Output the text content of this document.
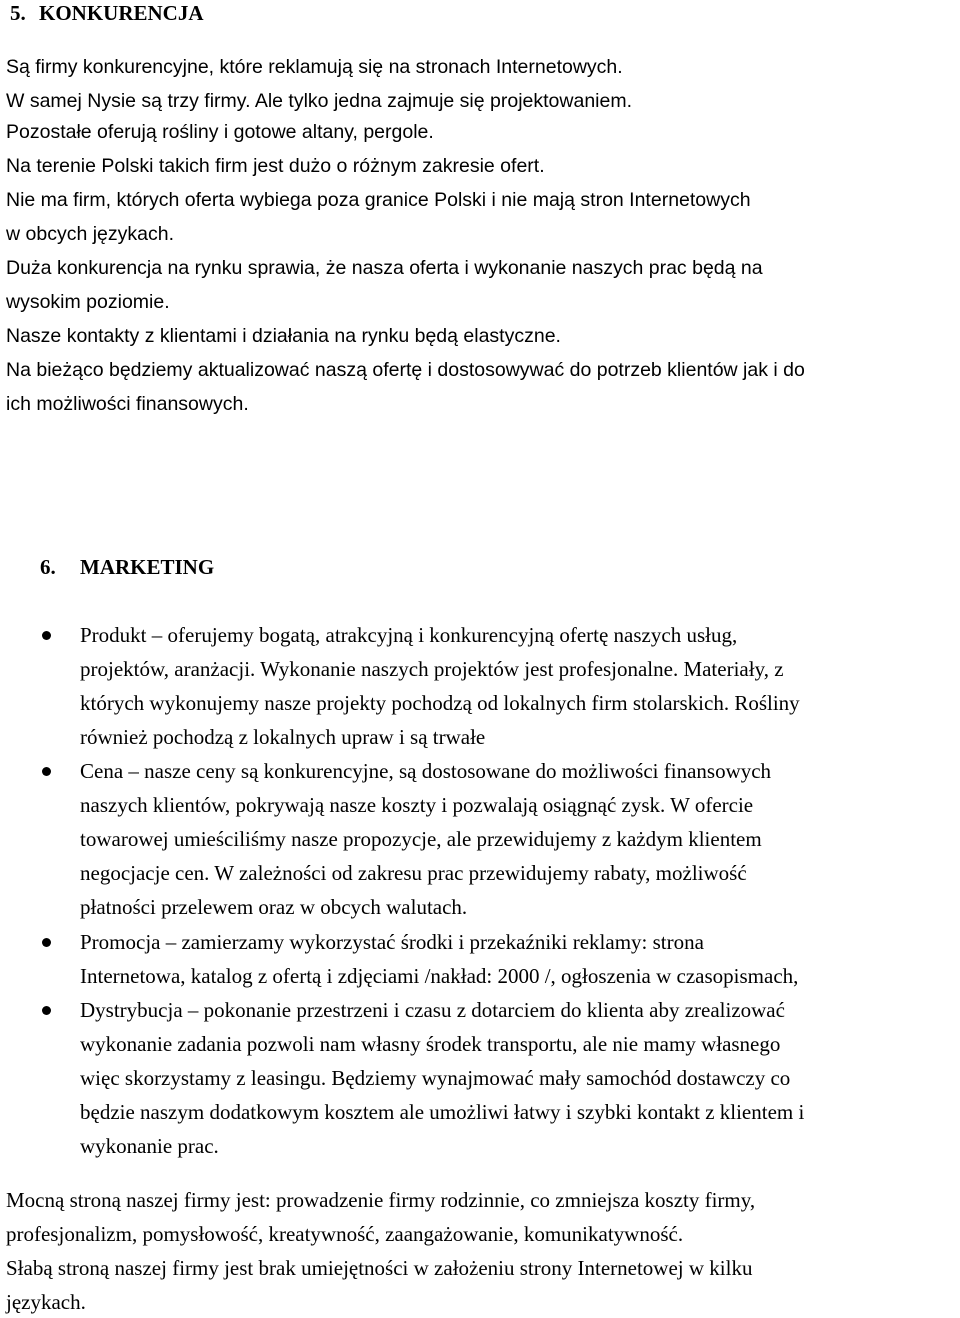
5. KONKURENCJA
Są firmy konkurencyjne, które reklamują się na stronach Internetowych.
W samej Nysie są trzy firmy. Ale tylko jedna zajmuje się projektowaniem.
Pozostałe oferują rośliny i gotowe altany, pergole.
Na terenie Polski takich firm jest dużo o różnym zakresie ofert.
Nie ma firm, których oferta wybiega poza granice Polski i nie mają stron Internetowych
w obcych językach.
Duża konkurencja na rynku sprawia, że nasza oferta i wykonanie naszych prac będą na
wysokim poziomie.
Nasze kontakty z klientami i działania na rynku będą elastyczne.
Na bieżąco będziemy aktualizować naszą ofertę i dostosowywać do potrzeb klientów jak i do
ich możliwości finansowych.
6. MARKETING
Produkt – oferujemy bogatą, atrakcyjną i konkurencyjną ofertę naszych usług,
projektów, aranżacji. Wykonanie naszych projektów jest profesjonalne. Materiały, z
których wykonujemy nasze projekty pochodzą od lokalnych firm stolarskich. Rośliny
również pochodzą z lokalnych upraw i są trwałe
Cena – nasze ceny są konkurencyjne, są dostosowane do możliwości finansowych
naszych klientów, pokrywają nasze koszty i pozwalają osiągnąć zysk. W ofercie
towarowej umieściliśmy nasze propozycje, ale przewidujemy z każdym klientem
negocjacje cen. W zależności od zakresu prac przewidujemy rabaty, możliwość
płatności przelewem oraz w obcych walutach.
Promocja – zamierzamy wykorzystać środki i przekaźniki reklamy: strona
Internetowa, katalog z ofertą i zdjęciami /nakład: 2000 /, ogłoszenia w czasopismach,
Dystrybucja – pokonanie przestrzeni i czasu z dotarciem do klienta aby zrealizować
wykonanie zadania pozwoli nam własny środek transportu, ale nie mamy własnego
więc skorzystamy z leasingu. Będziemy wynajmować mały samochód dostawczy co
będzie naszym dodatkowym kosztem ale umożliwi łatwy i szybki kontakt z klientem i
wykonanie prac.
Mocną stroną naszej firmy jest: prowadzenie firmy rodzinnie, co zmniejsza koszty firmy,
profesjonalizm, pomysłowość, kreatywność, zaangażowanie, komunikatywność.
Słabą stroną naszej firmy jest brak umiejętności w założeniu strony Internetowej w kilku
językach.
